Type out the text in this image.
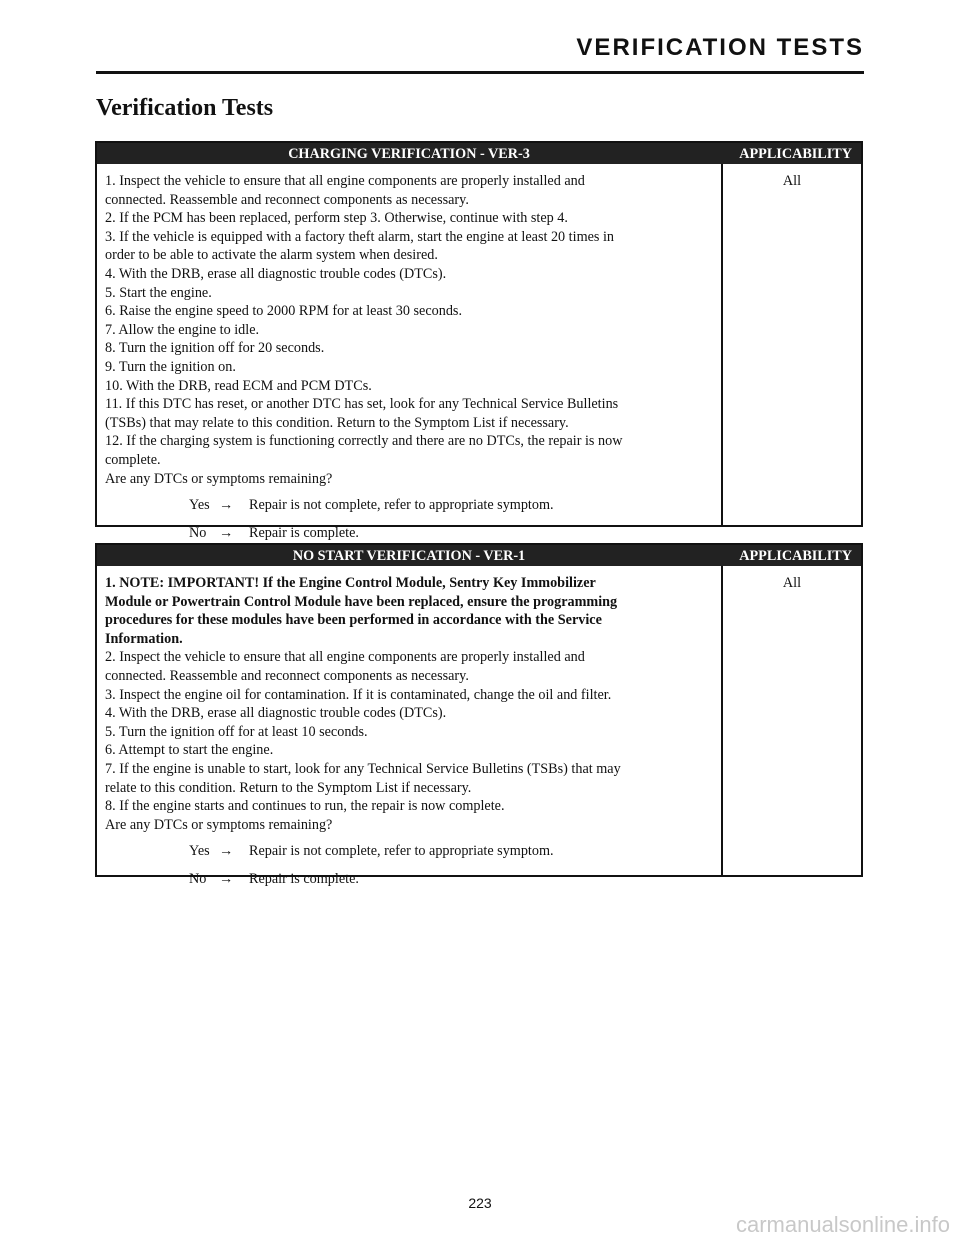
VERIFICATION TESTS
Verification Tests
CHARGING VERIFICATION - VER-3	APPLICABILITY
1. Inspect the vehicle to ensure that all engine components are properly installed and
connected. Reassemble and reconnect components as necessary.
2. If the PCM has been replaced, perform step 3. Otherwise, continue with step 4.
3. If the vehicle is equipped with a factory theft alarm, start the engine at least 20 times in
order to be able to activate the alarm system when desired.
4. With the DRB, erase all diagnostic trouble codes (DTCs).
5. Start the engine.
6. Raise the engine speed to 2000 RPM for at least 30 seconds.
7. Allow the engine to idle.
8. Turn the ignition off for 20 seconds.
9. Turn the ignition on.
10. With the DRB, read ECM and PCM DTCs.
11. If this DTC has reset, or another DTC has set, look for any Technical Service Bulletins
(TSBs) that may relate to this condition. Return to the Symptom List if necessary.
12. If the charging system is functioning correctly and there are no DTCs, the repair is now
complete.
Are any DTCs or symptoms remaining?
Yes → Repair is not complete, refer to appropriate symptom.
No → Repair is complete.
All
NO START VERIFICATION - VER-1	APPLICABILITY
1. NOTE: IMPORTANT! If the Engine Control Module, Sentry Key Immobilizer
Module or Powertrain Control Module have been replaced, ensure the programming
procedures for these modules have been performed in accordance with the Service
Information.
2. Inspect the vehicle to ensure that all engine components are properly installed and
connected. Reassemble and reconnect components as necessary.
3. Inspect the engine oil for contamination. If it is contaminated, change the oil and filter.
4. With the DRB, erase all diagnostic trouble codes (DTCs).
5. Turn the ignition off for at least 10 seconds.
6. Attempt to start the engine.
7. If the engine is unable to start, look for any Technical Service Bulletins (TSBs) that may
relate to this condition. Return to the Symptom List if necessary.
8. If the engine starts and continues to run, the repair is now complete.
Are any DTCs or symptoms remaining?
Yes → Repair is not complete, refer to appropriate symptom.
No → Repair is complete.
All
223
carmanualsonline.info
